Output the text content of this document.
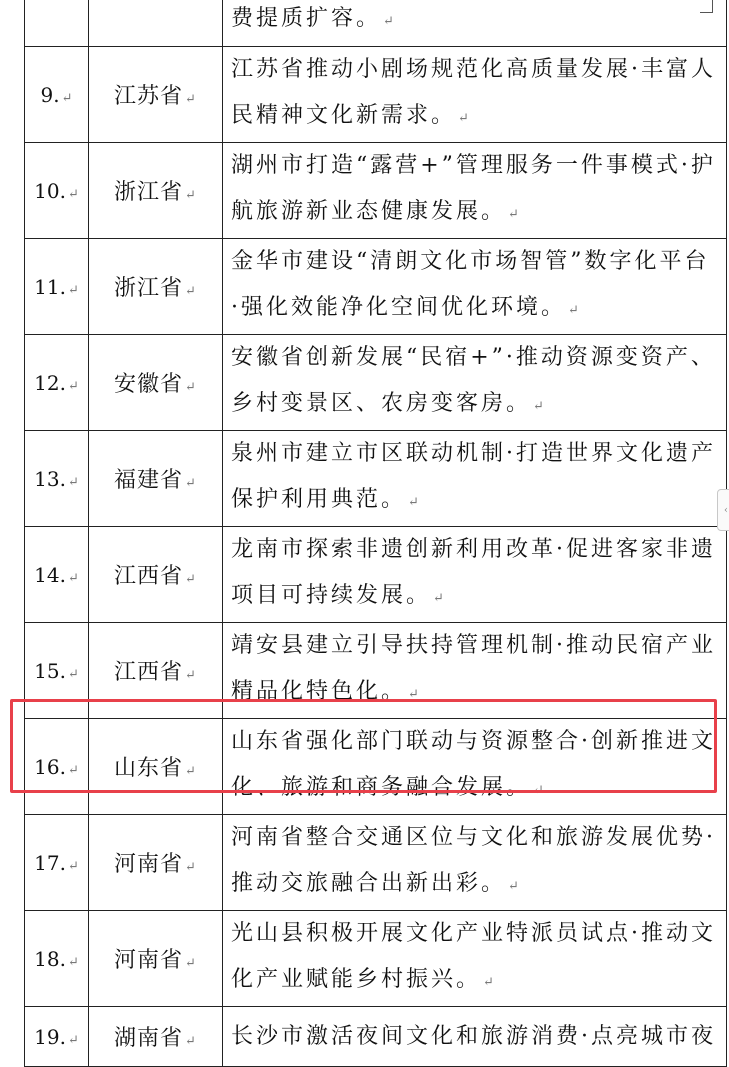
		费提质扩容。 ↵
9. ↵	江苏省 ↵	江苏省推动小剧场规范化高质量发展·丰富人民精神文化新需求。 ↵
10. ↵	浙江省 ↵	湖州市打造“露营+”管理服务一件事模式·护航旅游新业态健康发展。 ↵
11. ↵	浙江省 ↵	金华市建设“清朗文化市场智管”数字化平台·强化效能净化空间优化环境。 ↵
12. ↵	安徽省 ↵	安徽省创新发展“民宿+”·推动资源变资产、乡村变景区、农房变客房。 ↵
13. ↵	福建省 ↵	泉州市建立市区联动机制·打造世界文化遗产保护利用典范。 ↵
14. ↵	江西省 ↵	龙南市探索非遗创新利用改革·促进客家非遗项目可持续发展。 ↵
15. ↵	江西省 ↵	靖安县建立引导扶持管理机制·推动民宿产业精品化特色化。 ↵
16. ↵	山东省 ↵	山东省强化部门联动与资源整合·创新推进文化、旅游和商务融合发展。 ↵
17. ↵	河南省 ↵	河南省整合交通区位与文化和旅游发展优势·推动交旅融合出新出彩。 ↵
18. ↵	河南省 ↵	光山县积极开展文化产业特派员试点·推动文化产业赋能乡村振兴。 ↵
19. ↵	湖南省 ↵	长沙市激活夜间文化和旅游消费·点亮城市夜
‹
